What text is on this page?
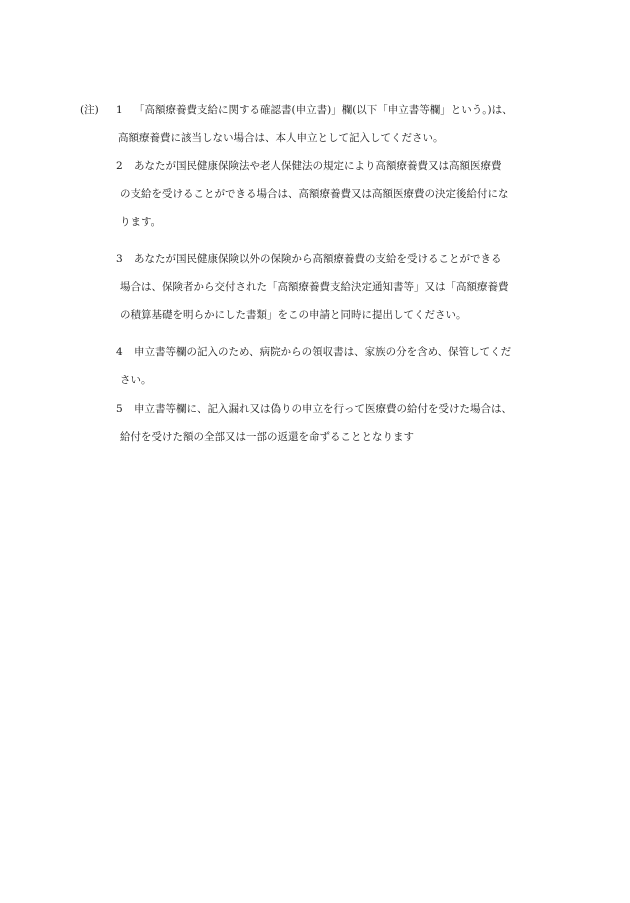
(注) 1 「高額療養費支給に関する確認書(申立書)」欄(以下「申立書等欄」という。)は、
高額療養費に該当しない場合は、本人申立として記入してください。
2 あなたが国民健康保険法や老人保健法の規定により高額療養費又は高額医療費
の支給を受けることができる場合は、高額療養費又は高額医療費の決定後給付にな
ります。
3 あなたが国民健康保険以外の保険から高額療養費の支給を受けることができる
場合は、保険者から交付された「高額療養費支給決定通知書等」又は「高額療養費
の積算基礎を明らかにした書類」をこの申請と同時に提出してください。
4 申立書等欄の記入のため、病院からの領収書は、家族の分を含め、保管してくだ
さい。
5 申立書等欄に、記入漏れ又は偽りの申立を行って医療費の給付を受けた場合は、
給付を受けた額の全部又は一部の返還を命ずることとなります
